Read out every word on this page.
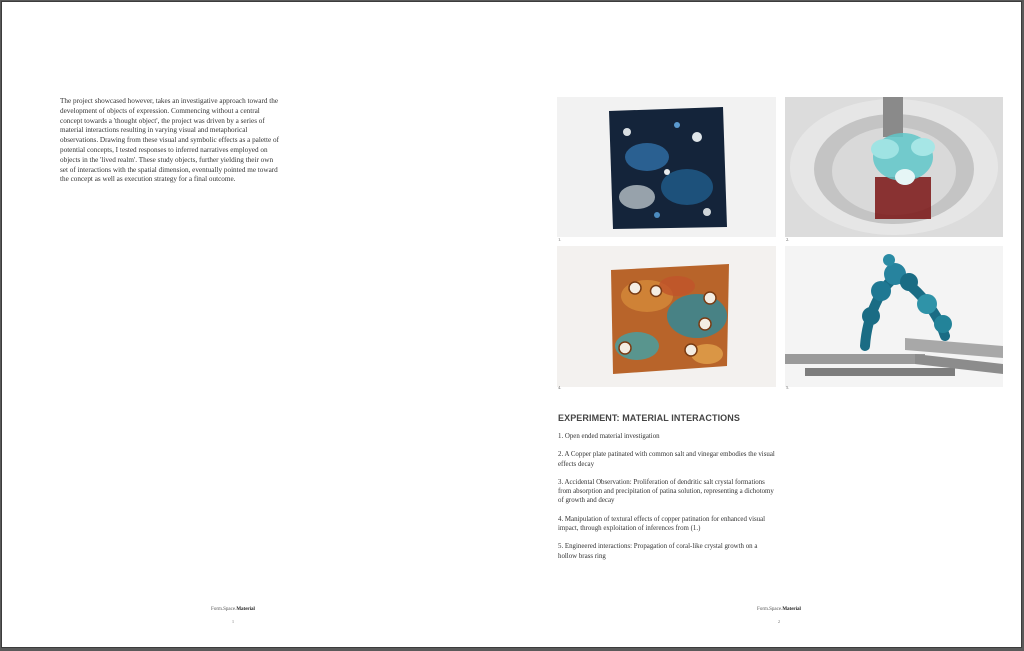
The project showcased however, takes an investigative approach toward the development of objects of expression. Commencing without a central concept towards a 'thought object', the project was driven by a series of material interactions resulting in varying visual and metaphorical observations. Drawing from these visual and symbolic effects as a palette of potential concepts, I tested responses to inferred narratives employed on objects in the 'lived realm'. These study objects, further yielding their own set of interactions with the spatial dimension, eventually pointed me toward the concept as well as execution strategy for a final outcome.
Form.Space.Material
1
1.	2.
4.	5.
EXPERIMENT: MATERIAL INTERACTIONS
1. Open ended material investigation
2. A Copper plate patinated with common salt and vinegar embodies the visual effects decay
3. Accidental Observation: Proliferation of dendritic salt crystal formations from absorption and precipitation of patina solution, representing a dichotomy of growth and decay
4. Manipulation of textural effects of copper patination for enhanced visual impact, through exploitation of inferences from (1.)
5. Engineered interactions: Propagation of coral-like crystal growth on a hollow brass ring
Form.Space.Material
2
